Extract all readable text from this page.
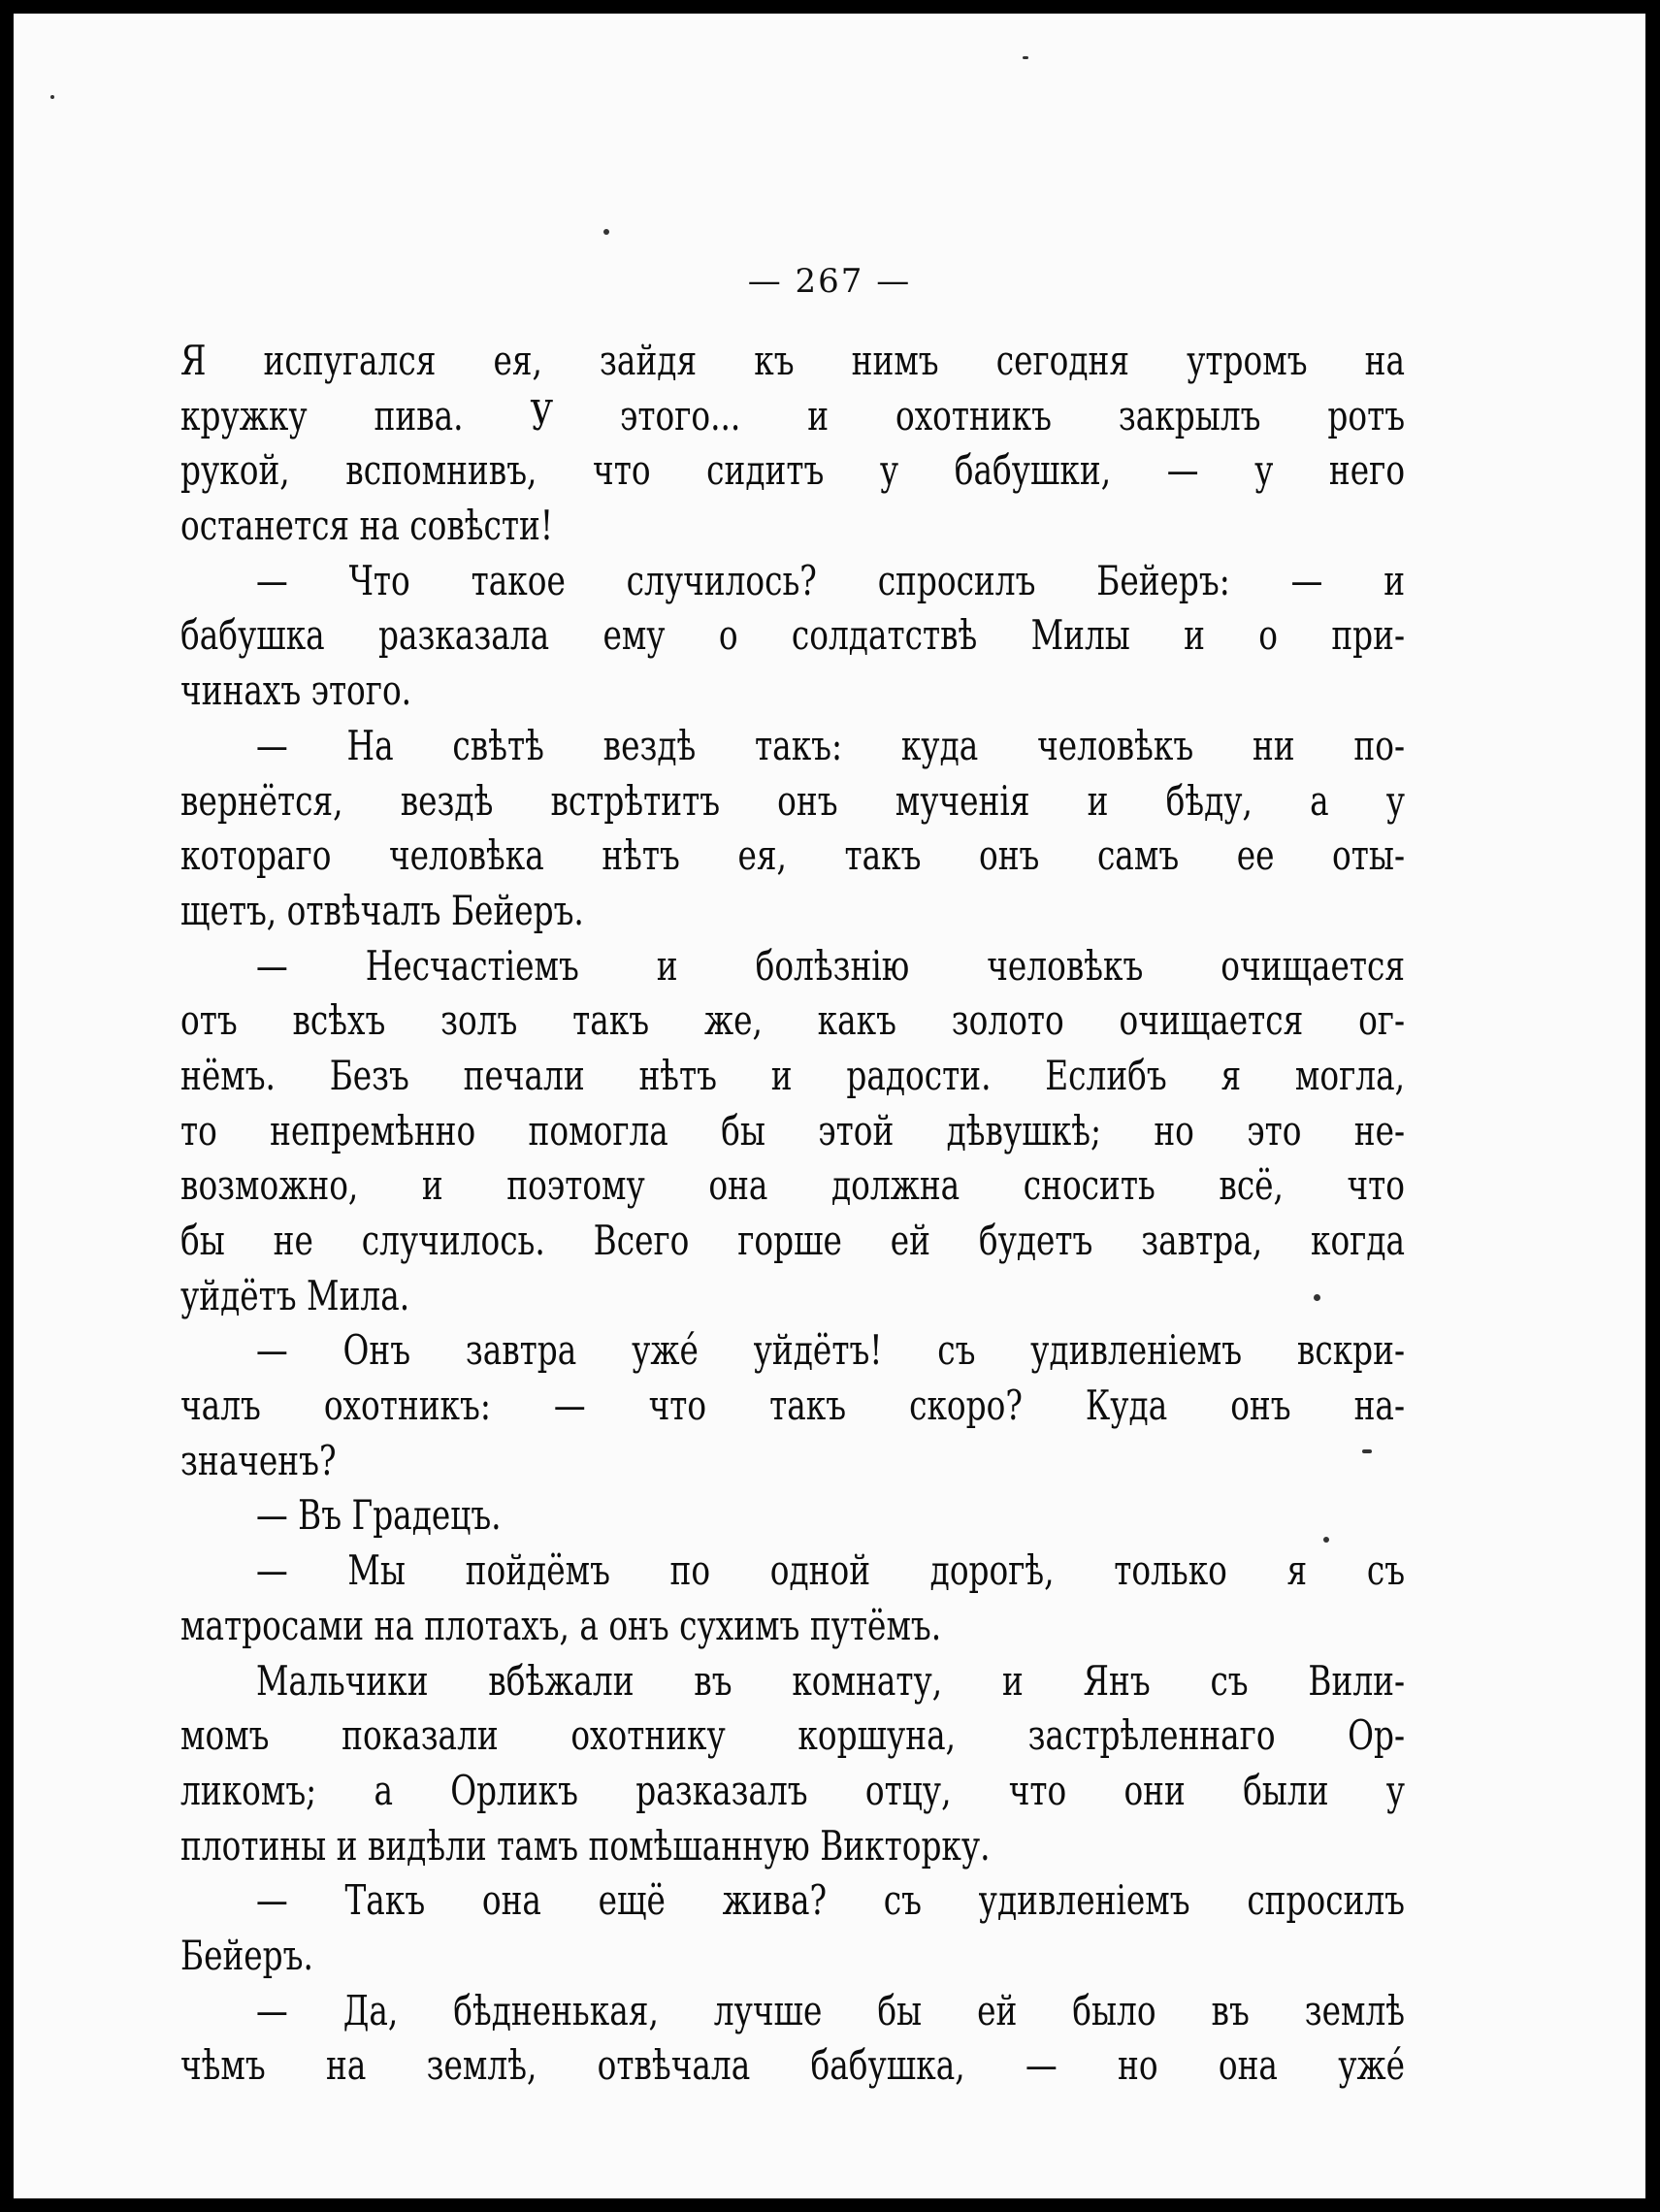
— 267 —
Я испугался ея, зайдя къ нимъ сегодня утромъ на
кружку пива. У этого... и охотникъ закрылъ ротъ
рукой, вспомнивъ, что сидитъ у бабушки, — у него
останется на совѣсти!
— Что такое случилось? спросилъ Бейеръ: — и
бабушка разказала ему о солдатствѣ Милы и о при-
чинахъ этого.
— На свѣтѣ вездѣ такъ: куда человѣкъ ни по-
вернётся, вездѣ встрѣтитъ онъ мученія и бѣду, а у
котораго человѣка нѣтъ ея, такъ онъ самъ ее оты-
щетъ, отвѣчалъ Бейеръ.
— Несчастіемъ и болѣзнію человѣкъ очищается
отъ всѣхъ золъ такъ же, какъ золото очищается ог-
нёмъ. Безъ печали нѣтъ и радости. Еслибъ я могла,
то непремѣнно помогла бы этой дѣвушкѣ; но это не-
возможно, и поэтому она должна сносить всё, что
бы не случилось. Всего горше ей будетъ завтра, когда
уйдётъ Мила.
— Онъ завтра ужé уйдётъ! съ удивленіемъ вскри-
чалъ охотникъ: — что такъ скоро? Куда онъ на-
значенъ?
— Въ Градецъ.
— Мы пойдёмъ по одной дорогѣ, только я съ
матросами на плотахъ, а онъ сухимъ путёмъ.
Мальчики вбѣжали въ комнату, и Янъ съ Вили-
момъ показали охотнику коршуна, застрѣленнаго Ор-
ликомъ; а Орликъ разказалъ отцу, что они были у
плотины и видѣли тамъ помѣшанную Викторку.
— Такъ она ещё жива? съ удивленіемъ спросилъ
Бейеръ.
— Да, бѣдненькая, лучше бы ей было въ землѣ
чѣмъ на землѣ, отвѣчала бабушка, — но она ужé
